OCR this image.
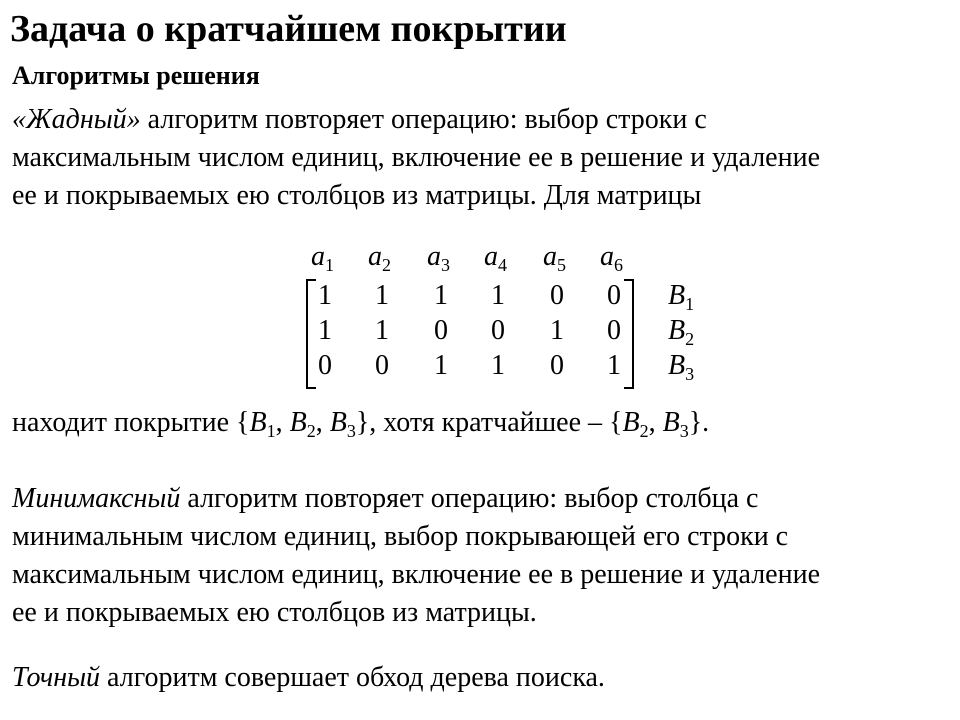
Задача о кратчайшем покрытии
Алгоритмы решения
«Жадный» алгоритм повторяет операцию: выбор строки с
максимальным числом единиц, включение ее в решение и удаление
ее и покрываемых ею столбцов из матрицы. Для матрицы
$a_1$ $a_2$ $a_3$ $a_4$ $a_5$ $a_6$
1	1	1	1	0	0	$B_1$
1	1	0	0	1	0	$B_2$
0	0	1	1	0	1	$B_3$
находит покрытие {$B_1$, $B_2$, $B_3$}, хотя кратчайшее – {$B_2$, $B_3$}.
Минимаксный алгоритм повторяет операцию: выбор столбца с
минимальным числом единиц, выбор покрывающей его строки с
максимальным числом единиц, включение ее в решение и удаление
ее и покрываемых ею столбцов из матрицы.
Точный алгоритм совершает обход дерева поиска.
